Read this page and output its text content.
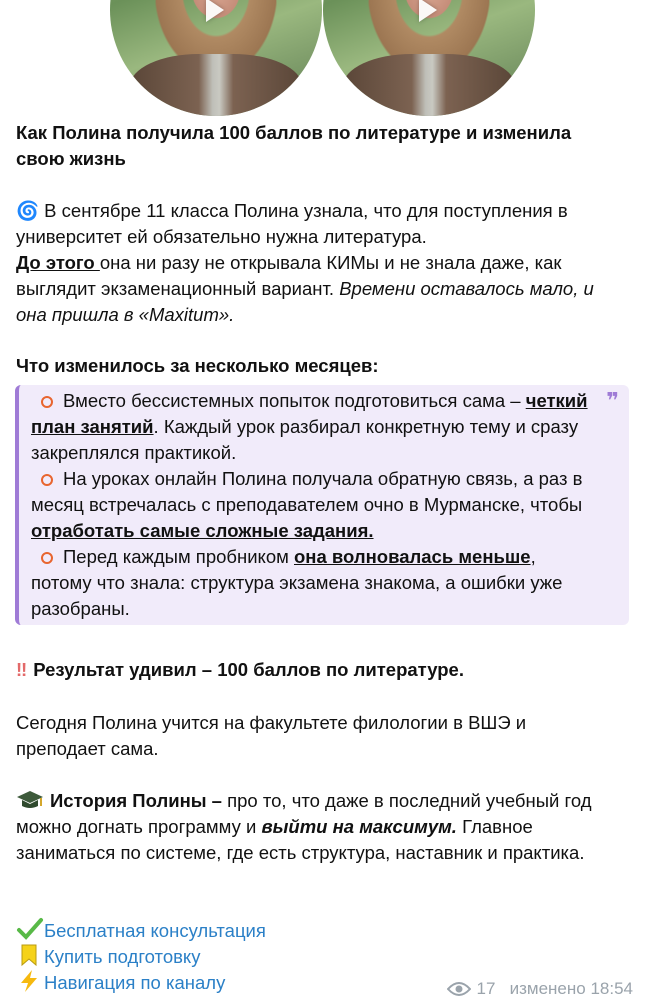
Как Полина получила 100 баллов по литературе и изменила свою жизнь
🌀 В сентябре 11 класса Полина узнала, что для поступления в университет ей обязательно нужна литература.
До этого она ни разу не открывала КИМы и не знала даже, как выглядит экзаменационный вариант. Времени оставалось мало, и она пришла в «Maxitum».
Что изменилось за несколько месяцев:
❞
Вместо бессистемных попыток подготовиться сама – четкий план занятий. Каждый урок разбирал конкретную тему и сразу закреплялся практикой.
На уроках онлайн Полина получала обратную связь, а раз в месяц встречалась с преподавателем очно в Мурманске, чтобы отработать самые сложные задания.
Перед каждым пробником она волновалась меньше, потому что знала: структура экзамена знакома, а ошибки уже разобраны.
‼ Результат удивил – 100 баллов по литературе.
Сегодня Полина учится на факультете филологии в ВШЭ и преподает сама.
История Полины – про то, что даже в последний учебный год можно догнать программу и выйти на максимум. Главное заниматься по системе, где есть структура, наставник и практика.
Бесплатная консультация
Купить подготовку
Навигация по каналу	17 изменено 18:54
